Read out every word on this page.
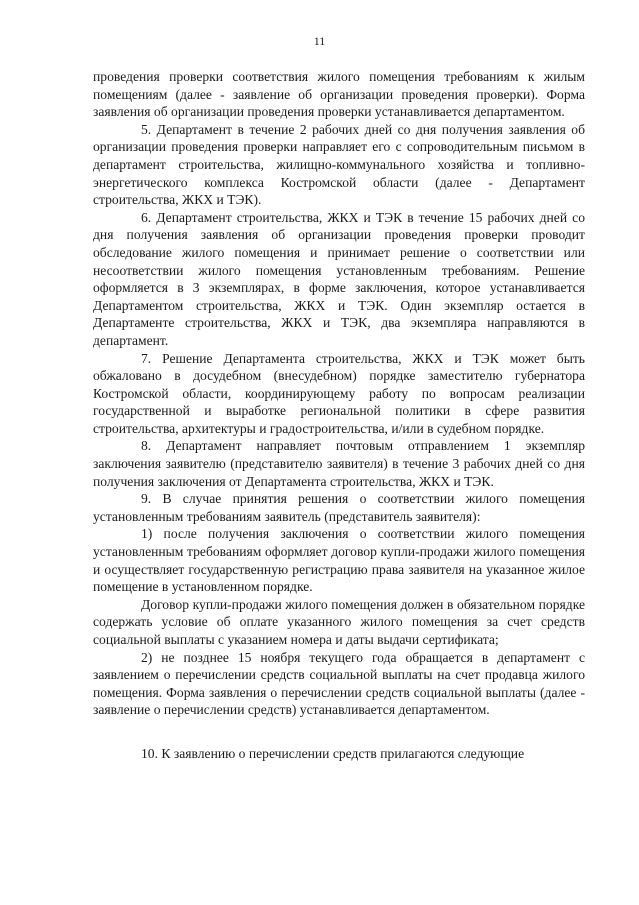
11

проведения проверки соответствия жилого помещения требованиям к жилым помещениям (далее - заявление об организации проведения проверки). Форма заявления об организации проведения проверки устанавливается департаментом.

5. Департамент в течение 2 рабочих дней со дня получения заявления об организации проведения проверки направляет его с сопроводительным письмом в департамент строительства, жилищно-коммунального хозяйства и топливно-энергетического комплекса Костромской области (далее - Департамент строительства, ЖКХ и ТЭК).

6. Департамент строительства, ЖКХ и ТЭК в течение 15 рабочих дней со дня получения заявления об организации проведения проверки проводит обследование жилого помещения и принимает решение о соответствии или несоответствии жилого помещения установленным требованиям. Решение оформляется в 3 экземплярах, в форме заключения, которое устанавливается Департаментом строительства, ЖКХ и ТЭК. Один экземпляр остается в Департаменте строительства, ЖКХ и ТЭК, два экземпляра направляются в департамент.

7. Решение Департамента строительства, ЖКХ и ТЭК может быть обжаловано в досудебном (внесудебном) порядке заместителю губернатора Костромской области, координирующему работу по вопросам реализации государственной и выработке региональной политики в сфере развития строительства, архитектуры и градостроительства, и/или в судебном порядке.

8. Департамент направляет почтовым отправлением 1 экземпляр заключения заявителю (представителю заявителя) в течение 3 рабочих дней со дня получения заключения от Департамента строительства, ЖКХ и ТЭК.

9. В случае принятия решения о соответствии жилого помещения установленным требованиям заявитель (представитель заявителя):

1) после получения заключения о соответствии жилого помещения установленным требованиям оформляет договор купли-продажи жилого помещения и осуществляет государственную регистрацию права заявителя на указанное жилое помещение в установленном порядке.

Договор купли-продажи жилого помещения должен в обязательном порядке содержать условие об оплате указанного жилого помещения за счет средств социальной выплаты с указанием номера и даты выдачи сертификата;

2) не позднее 15 ноября текущего года обращается в департамент с заявлением о перечислении средств социальной выплаты на счет продавца жилого помещения. Форма заявления о перечислении средств социальной выплаты (далее - заявление о перечислении средств) устанавливается департаментом.

10. К заявлению о перечислении средств прилагаются следующие
